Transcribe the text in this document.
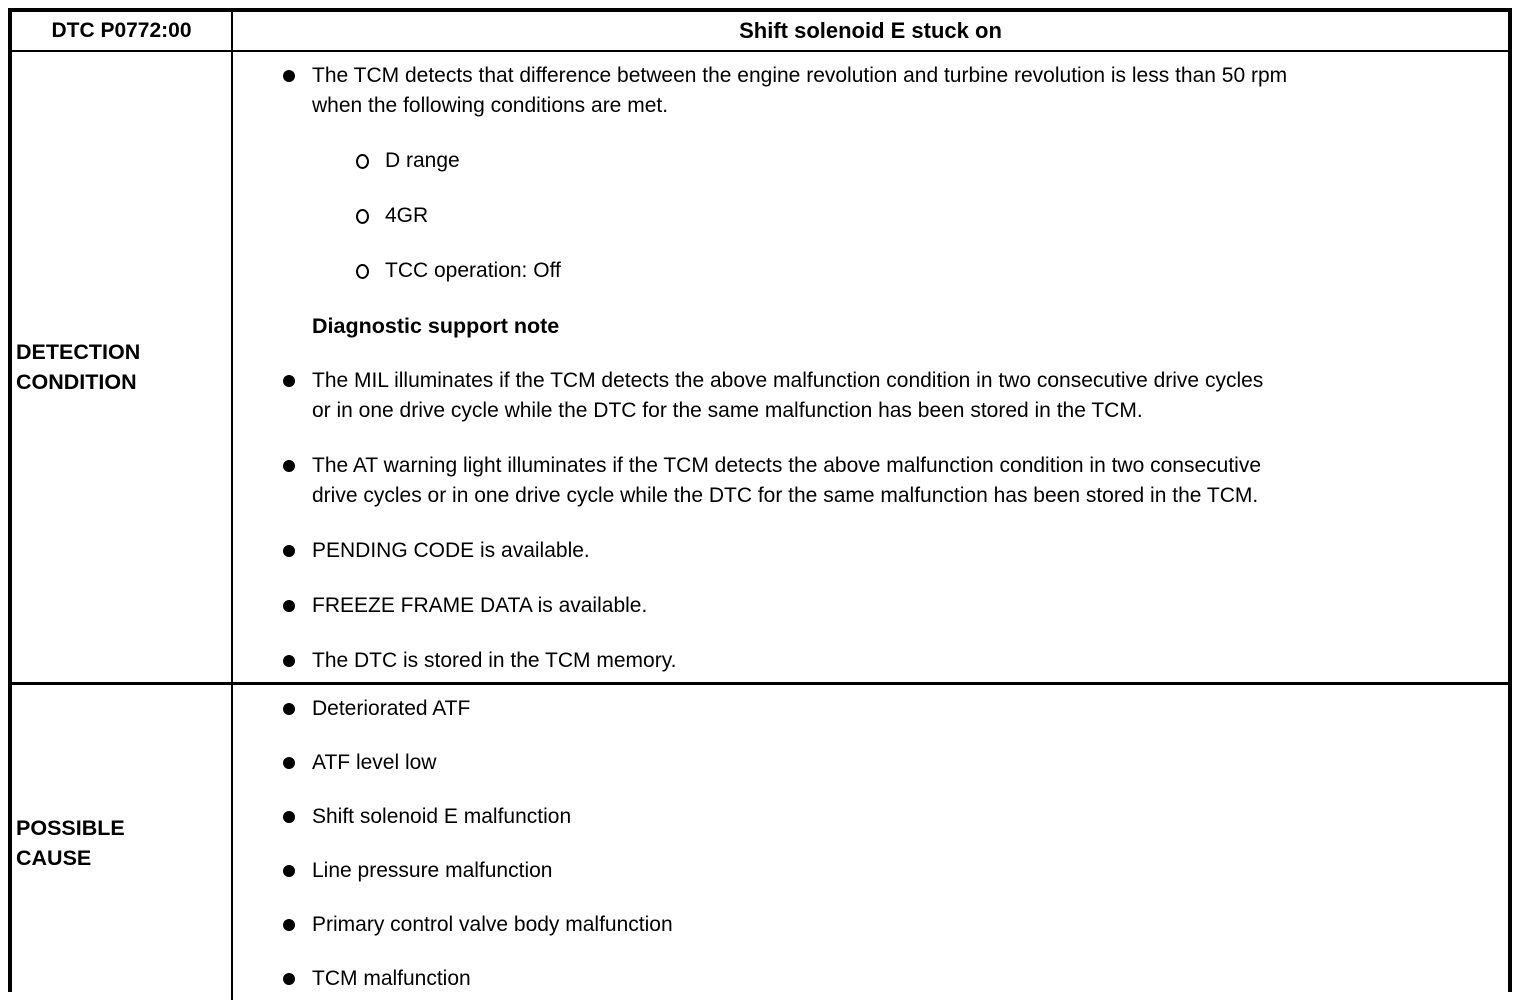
DTC P0772:00	Shift solenoid E stuck on
DETECTION
CONDITION
The TCM detects that difference between the engine revolution and turbine revolution is less than 50 rpm
when the following conditions are met.
D range
4GR
TCC operation: Off
Diagnostic support note
The MIL illuminates if the TCM detects the above malfunction condition in two consecutive drive cycles
or in one drive cycle while the DTC for the same malfunction has been stored in the TCM.
The AT warning light illuminates if the TCM detects the above malfunction condition in two consecutive
drive cycles or in one drive cycle while the DTC for the same malfunction has been stored in the TCM.
PENDING CODE is available.
FREEZE FRAME DATA is available.
The DTC is stored in the TCM memory.
POSSIBLE
CAUSE
Deteriorated ATF
ATF level low
Shift solenoid E malfunction
Line pressure malfunction
Primary control valve body malfunction
TCM malfunction
